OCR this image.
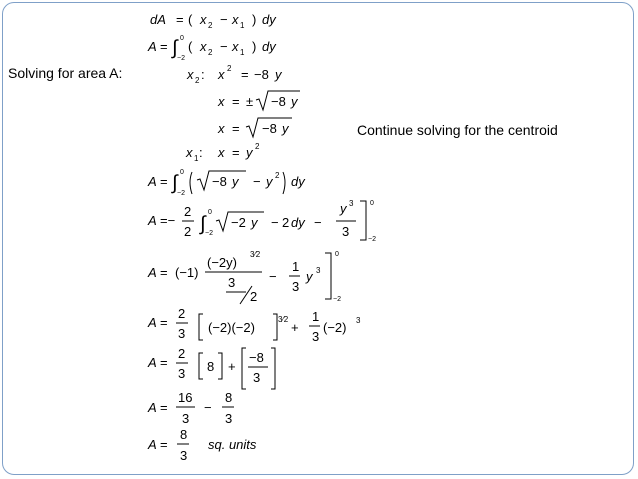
Solving for area A:
Continue solving for the centroid
dA = ( x 2 − x 1 ) dy
A = ∫ 0
−2
( x 2 − x 1 ) dy
x 2 : x 2 = −8 y
x = ± −8 y
x = −8 y
x 1 : x = y 2
A = ∫ 0
−2
−8 y − y 2 dy
A =−
2
2 ∫
0
−2
−2 y − 2 dy −
y 3
3
0
−2
A = (−1)
(−2y)
3⁄2
3
2
−
1
3
y 3
0
−2
A =
2
3 (−2)(−2)
3⁄2
+
1
3
(−2) 3
A =
2
3 8 +
−8
3
A =
16
3
−
8
3
A =
8
3
sq. units
